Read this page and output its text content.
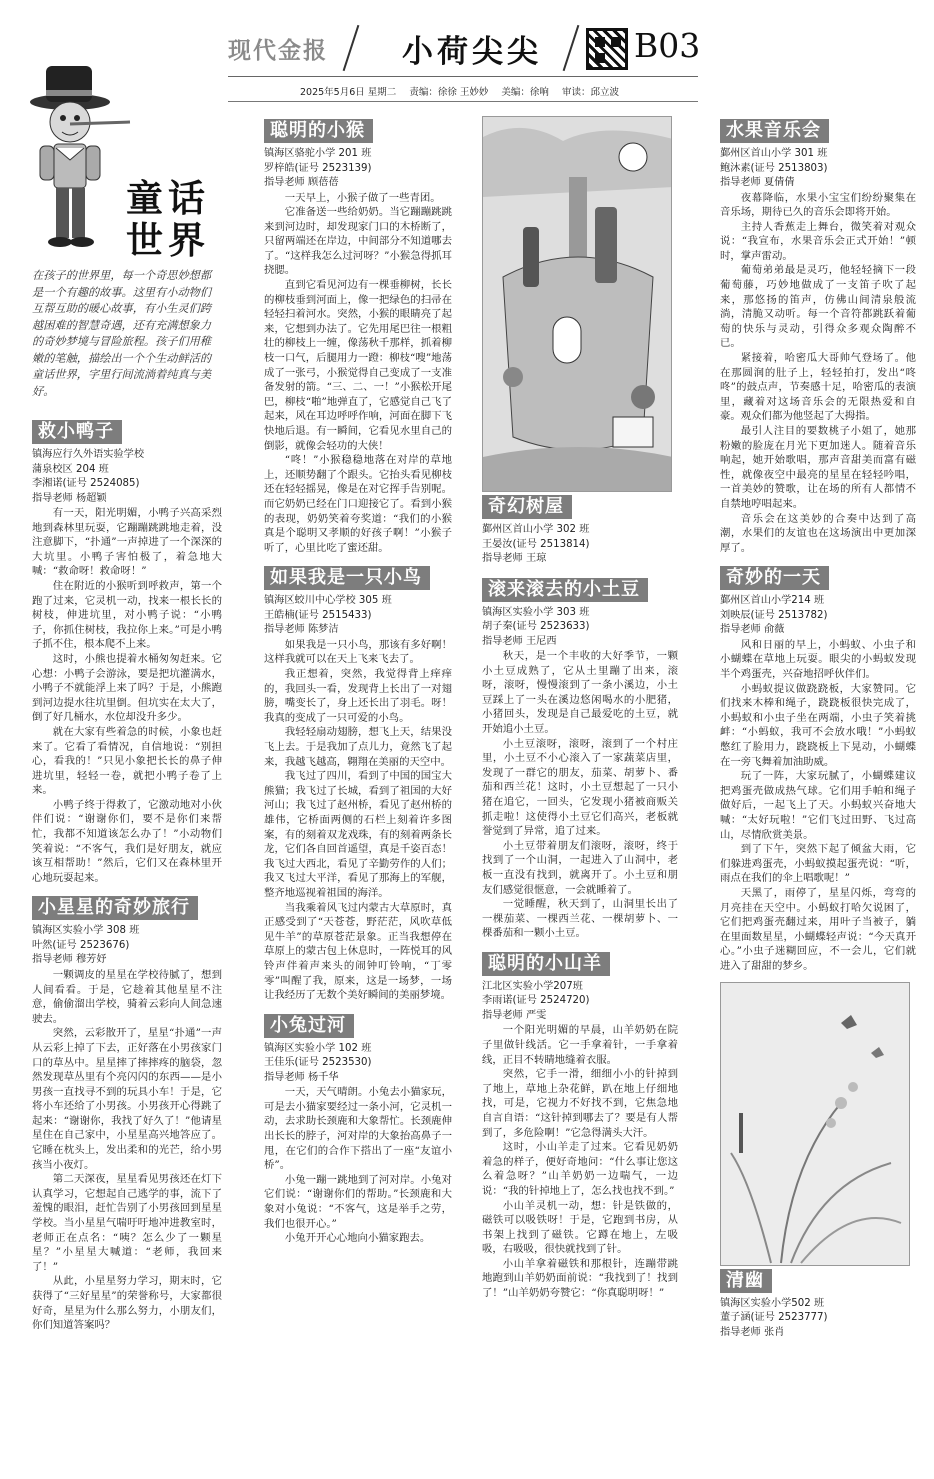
现代金报 小荷尖尖	B03
2025年5月6日 星期二 责编：徐徐 王妙妙 美编：徐响 审读：邱立波
童话
世界
在孩子的世界里，每一个奇思妙想都是一个有趣的故事。这里有小动物们互帮互助的暖心故事，有小生灵们跨越困难的智慧奇遇，还有充满想象力的奇妙梦境与冒险旅程。孩子们用稚嫩的笔触，描绘出一个个生动鲜活的童话世界，字里行间流淌着纯真与美好。
救小鸭子
镇海应行久外语实验学校
蒲泉校区 204 班
李湘诺(证号 2524085)
指导老师 杨超颖

有一天，阳光明媚，小鸭子兴高采烈地到森林里玩耍，它蹦蹦跳跳地走着，没注意脚下，“扑通”一声掉进了一个深深的大坑里。小鸭子害怕极了，着急地大喊：“救命呀！救命呀！”

住在附近的小猴听到呼救声，第一个跑了过来，它灵机一动，找来一根长长的树枝，伸进坑里，对小鸭子说：“小鸭子，你抓住树枝，我拉你上来。”可是小鸭子抓不住，根本爬不上来。

这时，小熊也提着水桶匆匆赶来。它心想：小鸭子会游泳，要是把坑灌满水，小鸭子不就能浮上来了吗？于是，小熊跑到河边提水往坑里倒。但坑实在太大了，倒了好几桶水，水位却没升多少。

就在大家有些着急的时候，小象也赶来了。它看了看情况，自信地说：“别担心，看我的！”只见小象把长长的鼻子伸进坑里，轻轻一卷，就把小鸭子卷了上来。

小鸭子终于得救了，它激动地对小伙伴们说：“谢谢你们，要不是你们来帮忙，我都不知道该怎么办了！”小动物们笑着说：“不客气，我们是好朋友，就应该互相帮助！”然后，它们又在森林里开心地玩耍起来。

小星星的奇妙旅行
镇海区实验小学 308 班
叶然(证号 2523676)
指导老师 穆芳妤

一颗调皮的星星在学校待腻了，想到人间看看。于是，它趁着其他星星不注意，偷偷溜出学校，骑着云彩向人间急速驶去。

突然，云彩散开了，星星“扑通”一声从云彩上掉了下去，正好落在小男孩家门口的草丛中。星星摔了摔摔疼的脑袋，忽然发现草丛里有个亮闪闪的东西——是小男孩一直找寻不到的玩具小车！于是，它将小车还给了小男孩。小男孩开心得跳了起来：“谢谢你，我找了好久了！”他请星星住在自己家中，小星星高兴地答应了。它睡在枕头上，发出柔和的光芒，给小男孩当小夜灯。

第二天深夜，星星看见男孩还在灯下认真学习，它想起自己逃学的事，流下了羞愧的眼泪，赶忙告别了小男孩回到星星学校。当小星星气喘吁吁地冲进教室时，老师正在点名：“咦？怎么少了一颗星星？”小星星大喊道：“老师，我回来了！”

从此，小星星努力学习，期末时，它获得了“三好星星”的荣誉称号，大家都很好奇，星星为什么那么努力，小朋友们，你们知道答案吗？

聪明的小猴
镇海区骆驼小学 201 班
罗梓皓(证号 2523139)
指导老师 顾蓓蓓

一天早上，小猴子做了一些青团。

它准备送一些给奶奶。当它蹦蹦跳跳来到河边时，却发现家门口的木桥断了，只留两端还在岸边，中间部分不知道哪去了。“这样我怎么过河呀？”小猴急得抓耳挠腮。

直到它看见河边有一棵垂柳树，长长的柳枝垂到河面上，像一把绿色的扫帚在轻轻扫着河水。突然，小猴的眼睛亮了起来，它想到办法了。它先用尾巴往一根粗壮的柳枝上一缠，像荡秋千那样，抓着柳枝一口气，后腿用力一蹬：柳枝“嗖”地荡成了一张弓，小猴觉得自己变成了一支准备发射的箭。“三、二、一！”小猴松开尾巴，柳枝“啪”地弹直了，它感觉自己飞了起来，风在耳边呼呼作响，河面在脚下飞快地后退。有一瞬间，它看见水里自己的倒影，就像会轻功的大侠！

“咚！”小猴稳稳地落在对岸的草地上，还顺势翻了个跟头。它抬头看见柳枝还在轻轻摇晃，像是在对它挥手告别呢。而它奶奶已经在门口迎接它了。看到小猴的表现，奶奶笑着夸奖道：“我们的小猴真是个聪明又孝顺的好孩子啊！”小猴子听了，心里比吃了蜜还甜。

如果我是一只小鸟
镇海区蛟川中心学校 305 班
王皓楠(证号 2515433)
指导老师 陈梦洁

如果我是一只小鸟，那该有多好啊！这样我就可以在天上飞来飞去了。

我正想着，突然，我觉得背上痒痒的，我回头一看，发现背上长出了一对翅膀，嘴变长了，身上还长出了羽毛。呀！我真的变成了一只可爱的小鸟。

我轻轻扇动翅膀，想飞上天，结果没飞上去。于是我加了点儿力，竟然飞了起来，我越飞越高，翱翔在美丽的天空中。

我飞过了四川，看到了中国的国宝大熊猫；我飞过了长城，看到了祖国的大好河山；我飞过了赵州桥，看见了赵州桥的雄伟，它桥面两侧的石栏上刻着许多图案，有的刻着双龙戏珠，有的刻着两条长龙，它们各自回首遥望，真是千姿百态！我飞过大西北，看见了辛勤劳作的人们；我又飞过大平洋，看见了那海上的军舰，整齐地巡视着祖国的海洋。

当我乘着风飞过内蒙古大草原时，真正感受到了“天苍苍，野茫茫，风吹草低见牛羊”的草原苍茫景象。正当我想停在草原上的蒙古包上休息时，一阵悦耳的风铃声伴着声来头的闹钟叮铃响，“丁零零”叫醒了我，原来，这是一场梦，一场让我经历了无数个美好瞬间的美丽梦境。

小兔过河
镇海区实验小学 102 班
王佳乐(证号 2523530)
指导老师 杨千华

一天，天气晴朗。小兔去小猫家玩，可是去小猫家要经过一条小河，它灵机一动，去求助长颈鹿和大象帮忙。长颈鹿伸出长长的脖子，河对岸的大象抬高鼻子一甩，在它们的合作下搭出了一座“友谊小桥”。

小兔一蹦一跳地到了河对岸。小兔对它们说：“谢谢你们的帮助。”长颈鹿和大象对小兔说：“不客气，这是举手之劳，我们也很开心。”

小兔开开心心地向小猫家跑去。

奇幻树屋
鄞州区首山小学 302 班
王晏汝(证号 2513814)
指导老师 王琼
滚来滚去的小土豆
镇海区实验小学 303 班
胡子秦(证号 2523633)
指导老师 王尼西

秋天，是一个丰收的大好季节，一颗小土豆成熟了，它从土里蹦了出来，滚呀，滚呀，慢慢滚到了一条小溪边，小土豆踩上了一头在溪边悠闲喝水的小肥猪，小猪回头，发现是自己最爱吃的土豆，就开始追小土豆。

小土豆滚呀，滚呀，滚到了一个村庄里，小土豆不小心滚入了一家蔬菜店里，发现了一群它的朋友，茄菜、胡萝卜、番茄和西兰花！这时，小土豆想起了一只小猪在追它，一回头，它发现小猪被商贩关抓走啦！这使得小土豆它们高兴，老板就誉觉到了异常，追了过来。

小土豆带着朋友们滚呀，滚呀，终于找到了一个山洞，一起进入了山洞中，老板一直没有找到，就离开了。小土豆和朋友们感觉很惬意，一会就睡着了。

一觉睡醒，秋天到了，山洞里长出了一棵茄菜、一棵西兰花、一棵胡萝卜、一棵番茄和一颗小土豆。

聪明的小山羊
江北区实验小学207班
李雨诺(证号 2524720)
指导老师 严雯

一个阳光明媚的早晨，山羊奶奶在院子里做针线活。它一手拿着针，一手拿着线，正目不转睛地缝着衣服。

突然，它手一滑，细细小小的针掉到了地上，草地上杂花鲜，趴在地上仔细地找，可是，它视力不好找不到，它焦急地自言自语：“这针掉到哪去了？要是有人帮到了，多危险啊！”它急得满头大汗。

这时，小山羊走了过来。它看见奶奶着急的样子，便好奇地问：“什么事让您这么着急呀？”山羊奶奶一边喘气，一边说：“我的针掉地上了，怎么找也找不到。”

小山羊灵机一动，想：针是铁做的，磁铁可以吸铁呀！于是，它跑到书房，从书架上找到了磁铁。它蹲在地上，左吸吸，右吸吸，很快就找到了针。

小山羊拿着磁铁和那根针，连蹦带跳地跑到山羊奶奶面前说：“我找到了！找到了！”山羊奶奶夸赞它：“你真聪明呀！”

水果音乐会
鄞州区首山小学 301 班
鲍沐素(证号 2513803)
指导老师 夏倩倩

夜幕降临，水果小宝宝们纷纷聚集在音乐场，期待已久的音乐会即将开始。

主持人香蕉走上舞台，微笑着对观众说：“我宣布，水果音乐会正式开始！”顿时，掌声雷动。

葡萄弟弟最是灵巧，他轻轻摘下一段葡萄藤，巧妙地做成了一支笛子吹了起来，那悠扬的笛声，仿佛山间清泉般流淌，清脆又动听。每一个音符都跳跃着葡萄的快乐与灵动，引得众多观众陶醉不已。

紧接着，哈密瓜大哥帅气登场了。他在那圆润的肚子上，轻轻拍打，发出“咚咚”的鼓点声，节奏感十足，哈密瓜的表演里，藏着对这场音乐会的无限热爱和自豪。观众们都为他竖起了大拇指。

最引人注目的要数桃子小姐了，她那粉嫩的脸庞在月光下更加迷人。随着音乐响起，她开始歌唱，那声音甜美而富有磁性，就像夜空中最亮的星星在轻轻吟唱，一首美妙的赞歌，让在场的所有人都情不自禁地哼唱起来。

音乐会在这美妙的合奏中达到了高潮，水果们的友谊也在这场演出中更加深厚了。

奇妙的一天
鄞州区首山小学214 班
刘映辰(证号 2513782)
指导老师 俞薇

风和日丽的早上，小蚂蚁、小虫子和小蝴蝶在草地上玩耍。眼尖的小蚂蚁发现半个鸡蛋壳，兴奋地招呼伙伴们。

小蚂蚁提议做跷跷板，大家赞同。它们找来木棒和绳子，跷跷板很快完成了，小蚂蚁和小虫子坐在两端，小虫子笑着挑衅：“小蚂蚁，我可不会放水哦！”小蚂蚁憋红了脸用力，跷跷板上下晃动，小蝴蝶在一旁飞舞着加油助威。

玩了一阵，大家玩腻了，小蝴蝶建议把鸡蛋壳做成热气球。它们用手帕和绳子做好后，一起飞上了天。小蚂蚁兴奋地大喊：“太好玩啦！”它们飞过田野、飞过高山，尽情欣赏美景。

到了下午，突然下起了倾盆大雨，它们躲进鸡蛋壳，小蚂蚁摸起蛋壳说：“听，雨点在我们的伞上唱歌呢！”

天黑了，雨停了，星星闪烁，弯弯的月亮挂在天空中。小蚂蚁打哈欠说困了，它们把鸡蛋壳翻过来，用叶子当被子，躺在里面数星星，小蝴蝶轻声说：“今天真开心。”小虫子迷糊回应，不一会儿，它们就进入了甜甜的梦乡。

清幽
镇海区实验小学502 班
董子涵(证号 2523777)
指导老师 张肖
